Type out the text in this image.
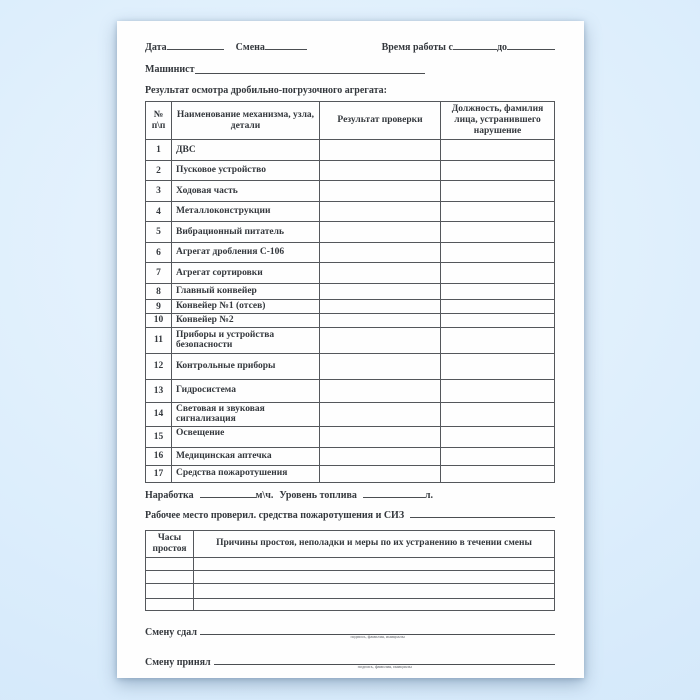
Дата	Смена	Время работы с	до
Машинист
Результат осмотра дробильно-погрузочного агрегата:
№ п\п	Наименование механизма, узла, детали	Результат проверки	Должность, фамилия лица, устранившего нарушение
1	ДВС		
2	Пусковое устройство		
3	Ходовая часть		
4	Металлоконструкции		
5	Вибрационный питатель		
6	Агрегат дробления С-106		
7	Агрегат сортировки		
8	Главный конвейер		
9	Конвейер №1 (отсев)		
10	Конвейер №2		
11	Приборы и устройства безопасности		
12	Контрольные приборы		
13	Гидросистема		
14	Световая и звуковая сигнализация		
15	Освещение		
16	Медицинская аптечка		
17	Средства пожаротушения		
Наработка	м\ч. Уровень топлива	л.
Рабочее место проверил. средства пожаротушения и СИЗ
Часы простоя	Причины простоя, неполадки и меры по их устранению в течении смены

Смену сдал	подпись, фамилия, инициалы
Смену принял	подпись, фамилия, инициалы
